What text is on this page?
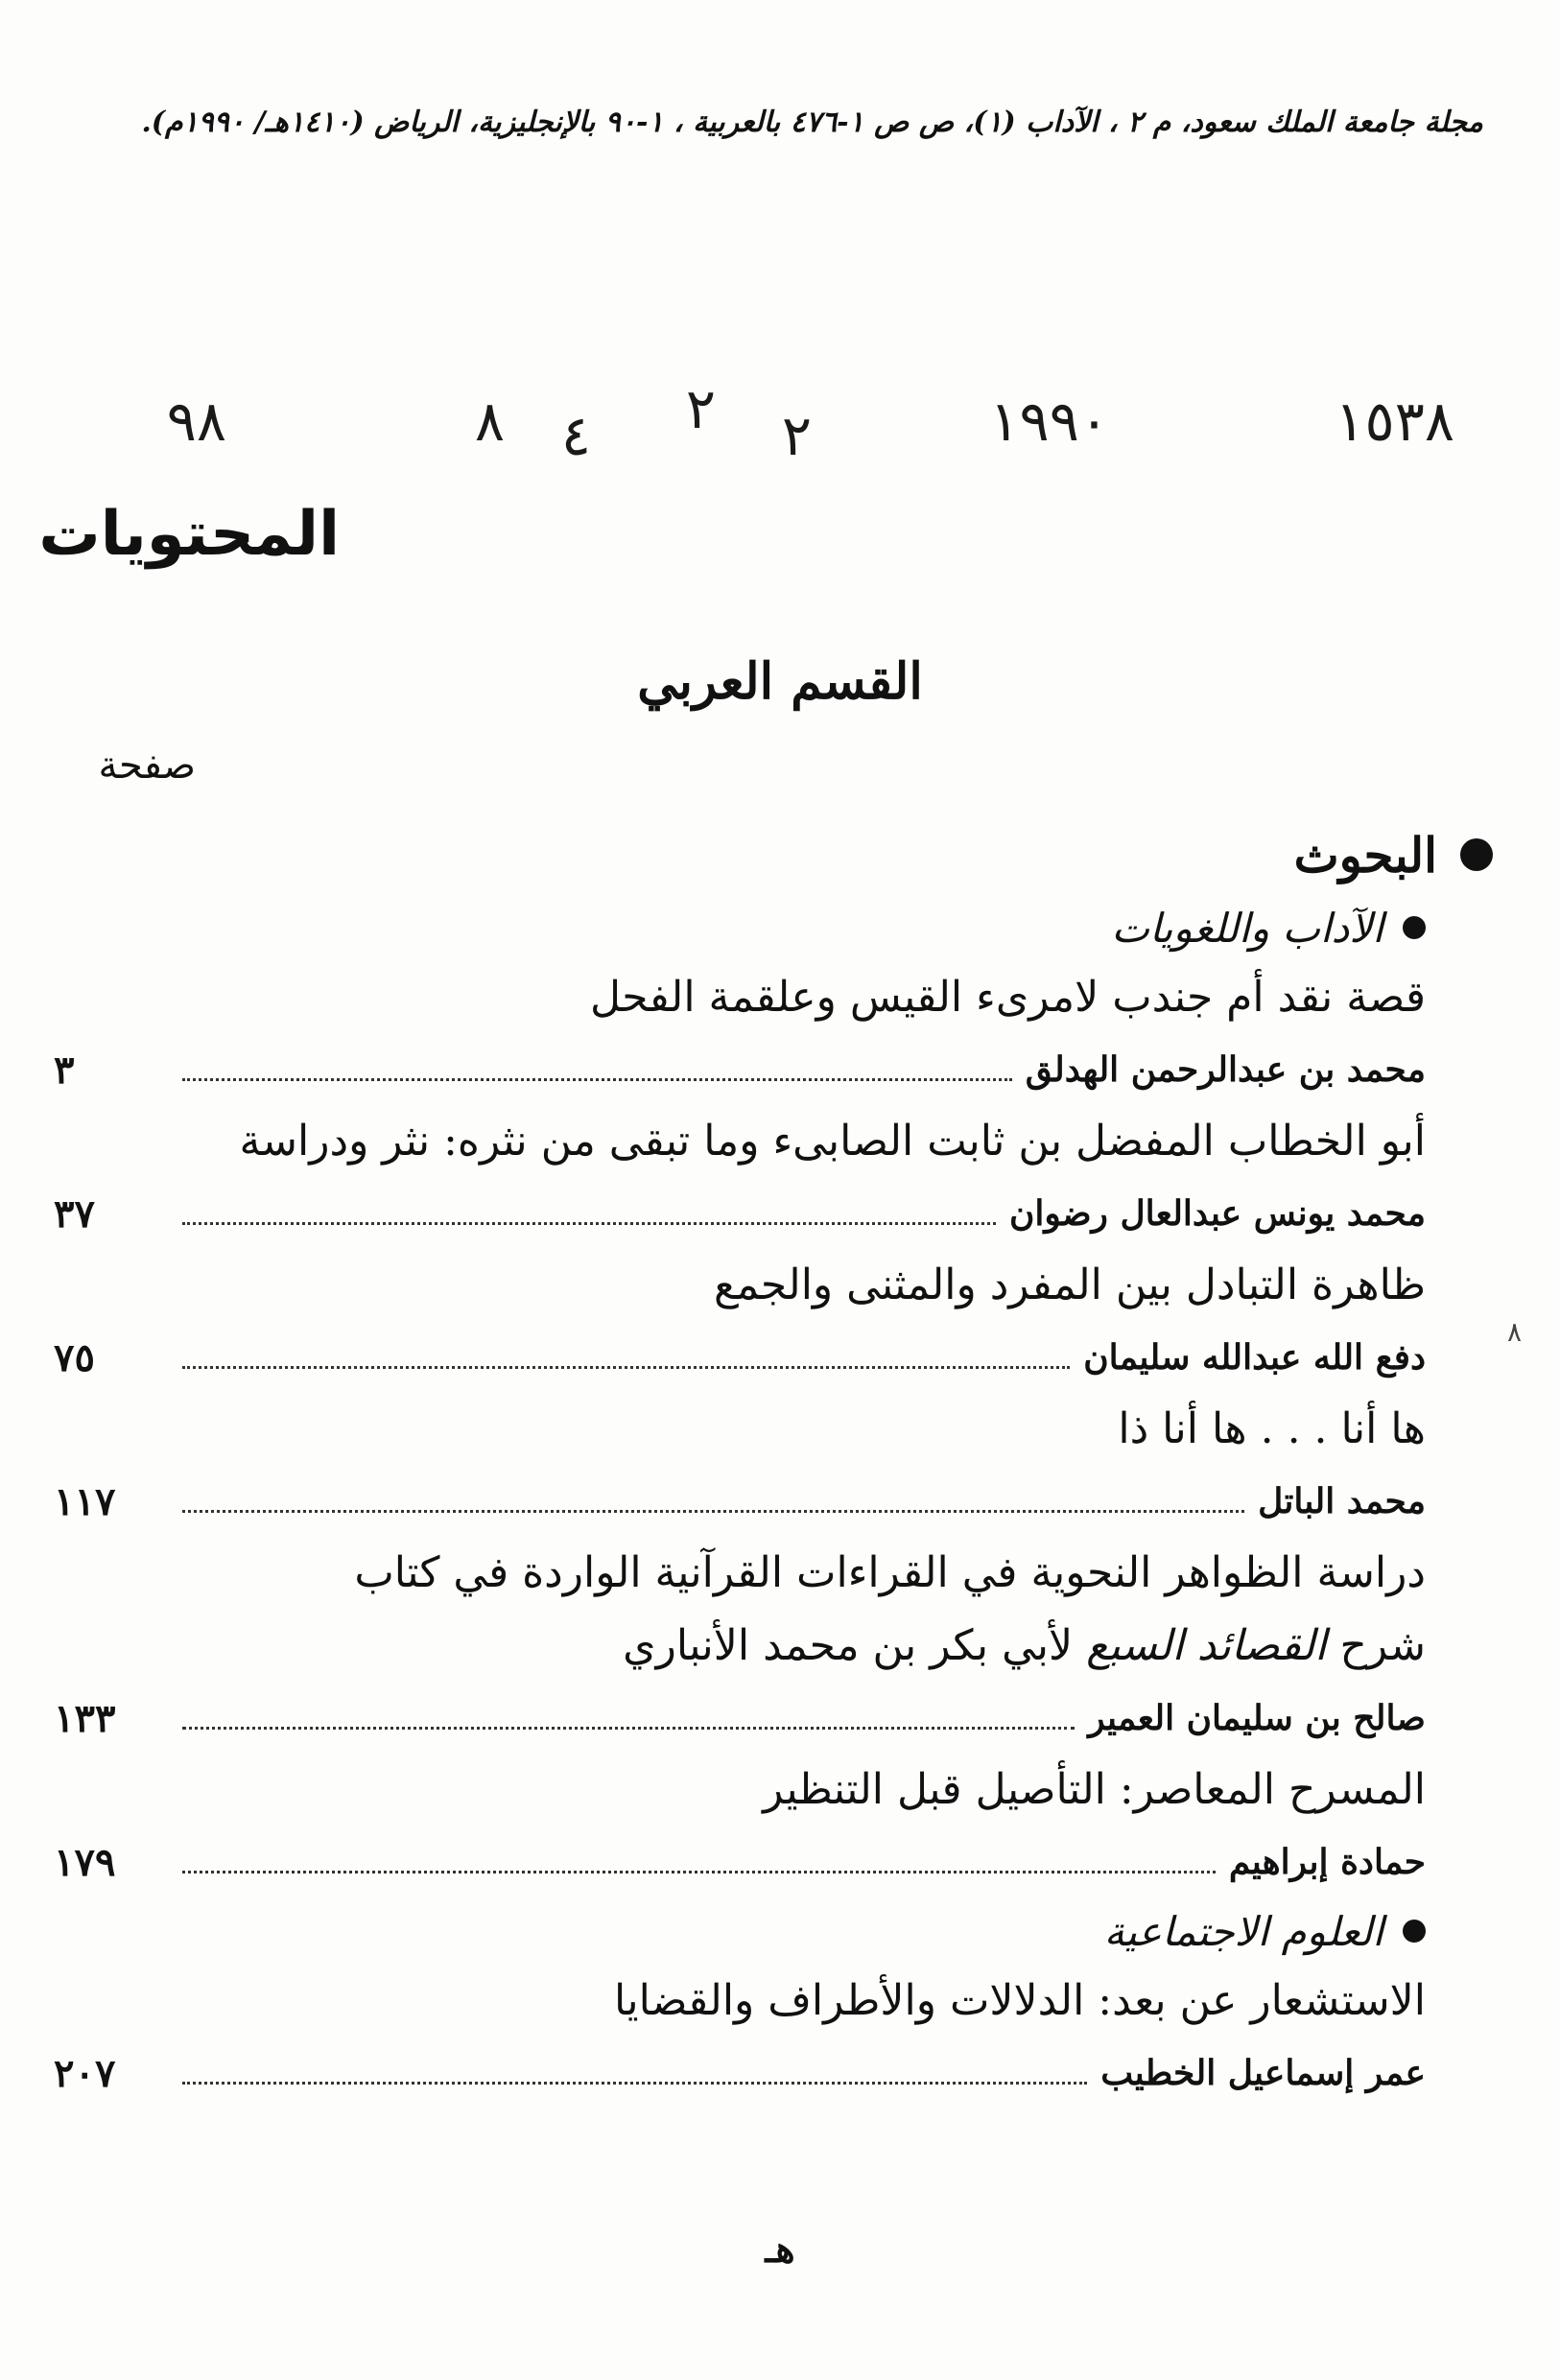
مجلة جامعة الملك سعود، م ٢ ، الآداب (١)، ص ص ١-٤٧٦ بالعربية ، ١-٩٠ بالإنجليزية، الرياض (١٤١٠هـ/ ١٩٩٠م).
١٥٣٨
١٩٩٠
٢
٢
٤
٨
٩٨
المحتويات
القسم العربي
صفحة
٨
البحوث
الآداب واللغويات
قصة نقد أم جندب لامرىء القيس وعلقمة الفحل
محمد بن عبدالرحمن الهدلق
٣
أبو الخطاب المفضل بن ثابت الصابىء وما تبقى من نثره: نثر ودراسة
محمد يونس عبدالعال رضوان
٣٧
ظاهرة التبادل بين المفرد والمثنى والجمع
دفع الله عبدالله سليمان
٧٥
ها أنا . . . ها أنا ذا
محمد الباتل
١١٧
دراسة الظواهر النحوية في القراءات القرآنية الواردة في كتاب
شرح القصائد السبع لأبي بكر بن محمد الأنباري
صالح بن سليمان العمير
١٣٣
المسرح المعاصر: التأصيل قبل التنظير
حمادة إبراهيم
١٧٩
العلوم الاجتماعية
الاستشعار عن بعد: الدلالات والأطراف والقضايا
عمر إسماعيل الخطيب
٢٠٧
هـ
